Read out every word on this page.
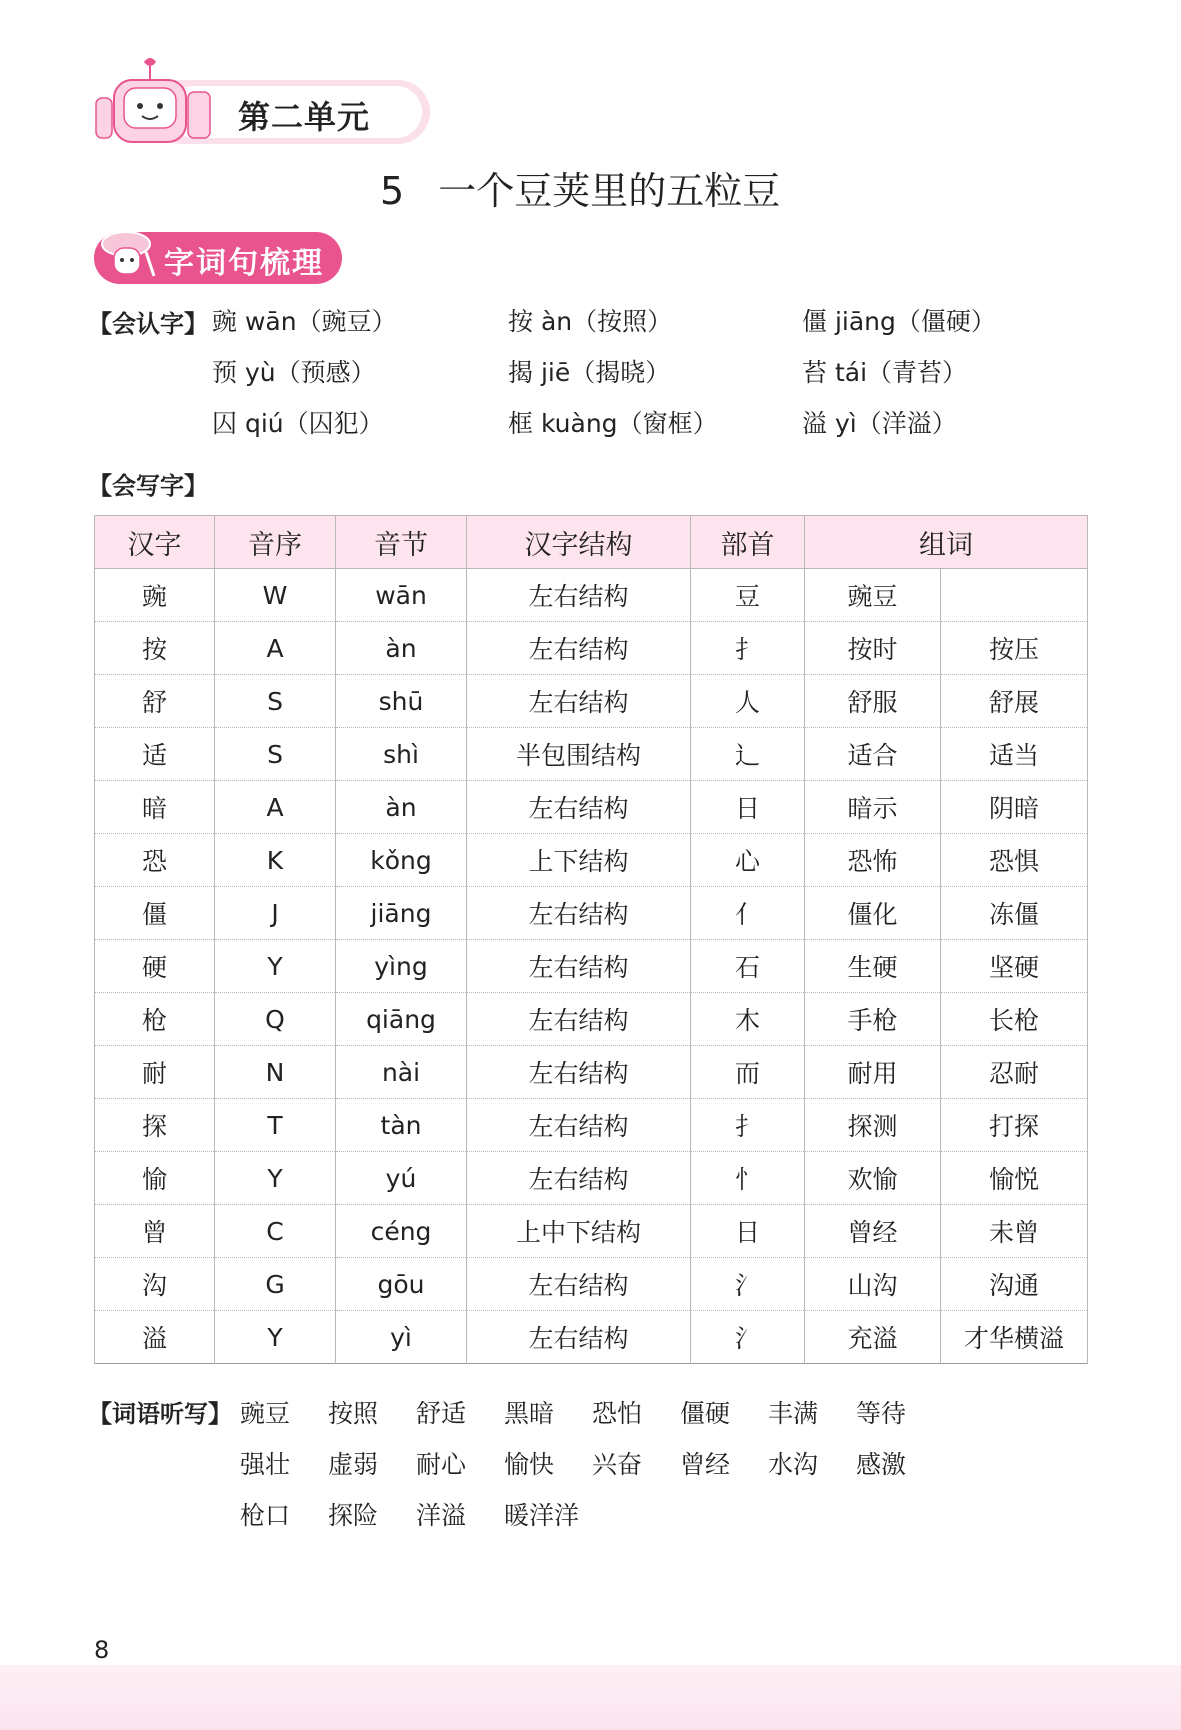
第二单元
5 一个豆荚里的五粒豆
字词句梳理
【会认字】 豌 wān（豌豆）	按 àn（按照）	僵 jiāng（僵硬）
预 yù（预感）	揭 jiē（揭晓）	苔 tái（青苔）
囚 qiú（囚犯）	框 kuàng（窗框）	溢 yì（洋溢）
【会写字】
汉字	音序	音节	汉字结构	部首	组词	
豌	W	wān	左右结构	豆	豌豆	
按	A	àn	左右结构	扌	按时	按压
舒	S	shū	左右结构	人	舒服	舒展
适	S	shì	半包围结构	辶	适合	适当
暗	A	àn	左右结构	日	暗示	阴暗
恐	K	kǒng	上下结构	心	恐怖	恐惧
僵	J	jiāng	左右结构	亻	僵化	冻僵
硬	Y	yìng	左右结构	石	生硬	坚硬
枪	Q	qiāng	左右结构	木	手枪	长枪
耐	N	nài	左右结构	而	耐用	忍耐
探	T	tàn	左右结构	扌	探测	打探
愉	Y	yú	左右结构	忄	欢愉	愉悦
曾	C	céng	上中下结构	日	曾经	未曾
沟	G	gōu	左右结构	氵	山沟	沟通
溢	Y	yì	左右结构	氵	充溢	才华横溢
【词语听写】 豌豆 按照 舒适 黑暗 恐怕 僵硬 丰满 等待
强壮 虚弱 耐心 愉快 兴奋 曾经 水沟 感激
枪口 探险 洋溢 暖洋洋
8
